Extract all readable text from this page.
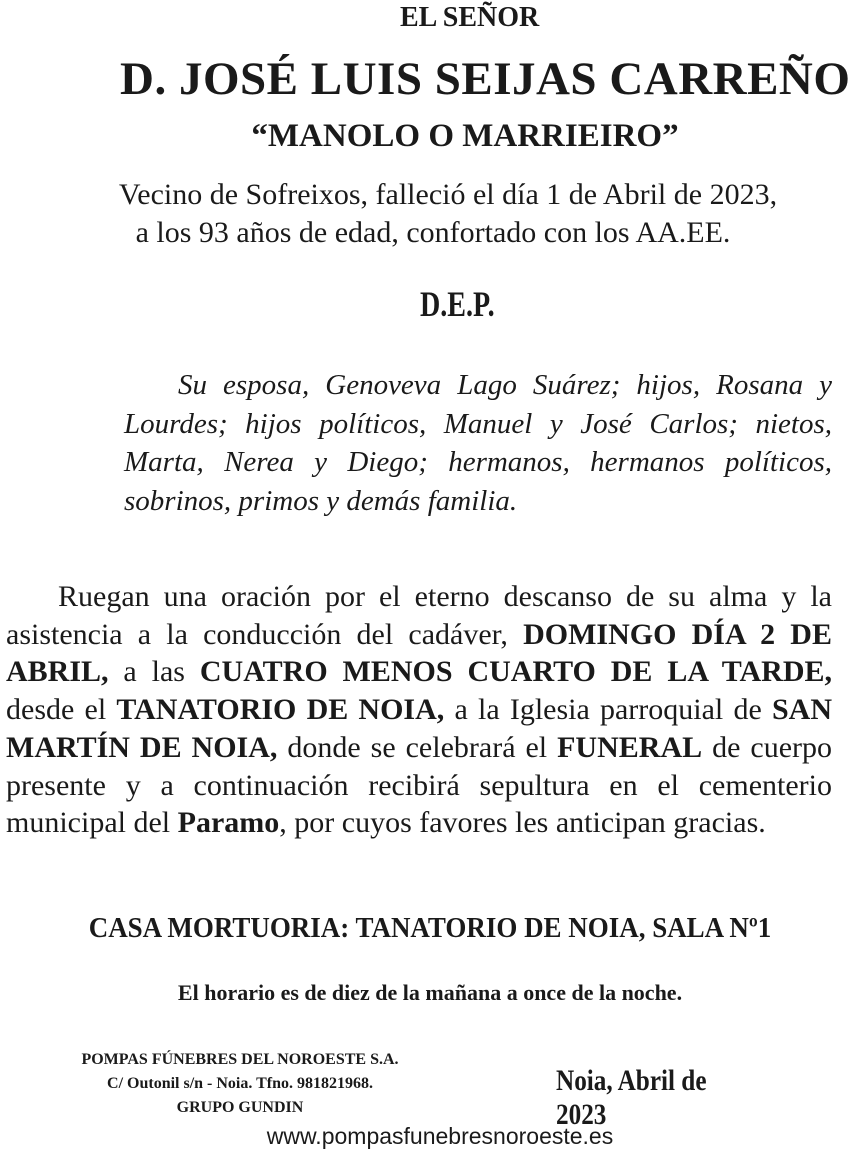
EL SEÑOR
D. JOSÉ LUIS SEIJAS CARREÑO
“MANOLO O MARRIEIRO”
Vecino de Sofreixos, falleció el día 1 de Abril de 2023,
a los 93 años de edad, confortado con los AA.EE.
D.E.P.
Su esposa, Genoveva Lago Suárez; hijos, Rosana y Lourdes; hijos políticos, Manuel y José Carlos; nietos, Marta, Nerea y Diego; hermanos, hermanos políticos, sobrinos, primos y demás familia.

Ruegan una oración por el eterno descanso de su alma y la asistencia a la conducción del cadáver, DOMINGO DÍA 2 DE ABRIL, a las CUATRO MENOS CUARTO DE LA TARDE, desde el TANATORIO DE NOIA, a la Iglesia parroquial de SAN MARTÍN DE NOIA, donde se celebrará el FUNERAL de cuerpo presente y a continuación recibirá sepultura en el cementerio municipal del Paramo, por cuyos favores les anticipan gracias.

CASA MORTUORIA: TANATORIO DE NOIA, SALA Nº1
El horario es de diez de la mañana a once de la noche.
POMPAS FÚNEBRES DEL NOROESTE S.A.
C/ Outonil s/n - Noia. Tfno. 981821968.
GRUPO GUNDIN
Noia, Abril de 2023
www.pompasfunebresnoroeste.es
